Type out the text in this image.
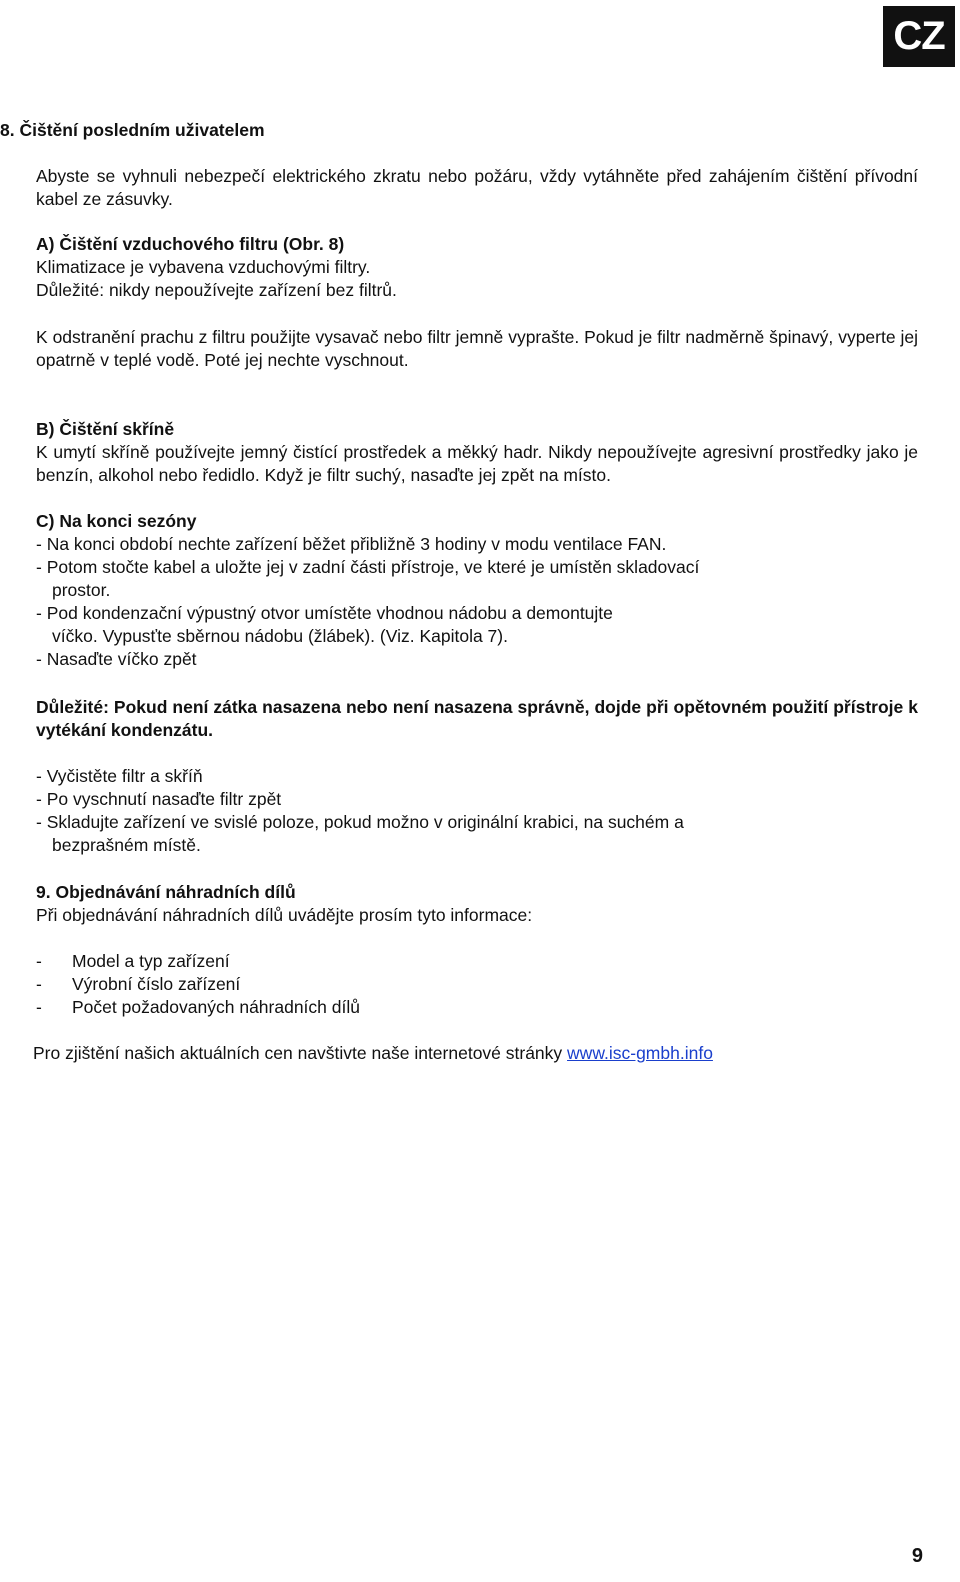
CZ
8. Čištění posledním uživatelem
Abyste se vyhnuli nebezpečí elektrického zkratu nebo požáru, vždy vytáhněte před zahájením čištění přívodní kabel ze zásuvky.
A) Čištění vzduchového filtru (Obr. 8)
Klimatizace je vybavena vzduchovými filtry.
Důležité: nikdy nepoužívejte zařízení bez filtrů.
K odstranění prachu z filtru použijte vysavač nebo filtr jemně vyprašte. Pokud je filtr nadměrně špinavý, vyperte jej opatrně v teplé vodě. Poté jej nechte vyschnout.
B) Čištění skříně
K umytí skříně používejte jemný čistící prostředek a měkký hadr. Nikdy nepoužívejte agresivní prostředky jako je benzín, alkohol nebo ředidlo. Když je filtr suchý, nasaďte jej zpět na místo.
C) Na konci sezóny
- Na konci období nechte zařízení běžet přibližně 3 hodiny v modu ventilace FAN.
- Potom stočte kabel a uložte jej v zadní části přístroje, ve které je umístěn skladovací
prostor.
- Pod kondenzační výpustný otvor umístěte vhodnou nádobu a demontujte
víčko. Vypusťte sběrnou nádobu (žlábek). (Viz. Kapitola 7).
- Nasaďte víčko zpět
Důležité: Pokud není zátka nasazena nebo není nasazena správně, dojde při opětovném použití přístroje k vytékání kondenzátu.
- Vyčistěte filtr a skříň
- Po vyschnutí nasaďte filtr zpět
- Skladujte zařízení ve svislé poloze, pokud možno v originální krabici, na suchém a
bezprašném místě.
9. Objednávání náhradních dílů
Při objednávání náhradních dílů uvádějte prosím tyto informace:
- Model a typ zařízení
- Výrobní číslo zařízení
- Počet požadovaných náhradních dílů
Pro zjištění našich aktuálních cen navštivte naše internetové stránky www.isc-gmbh.info
9
